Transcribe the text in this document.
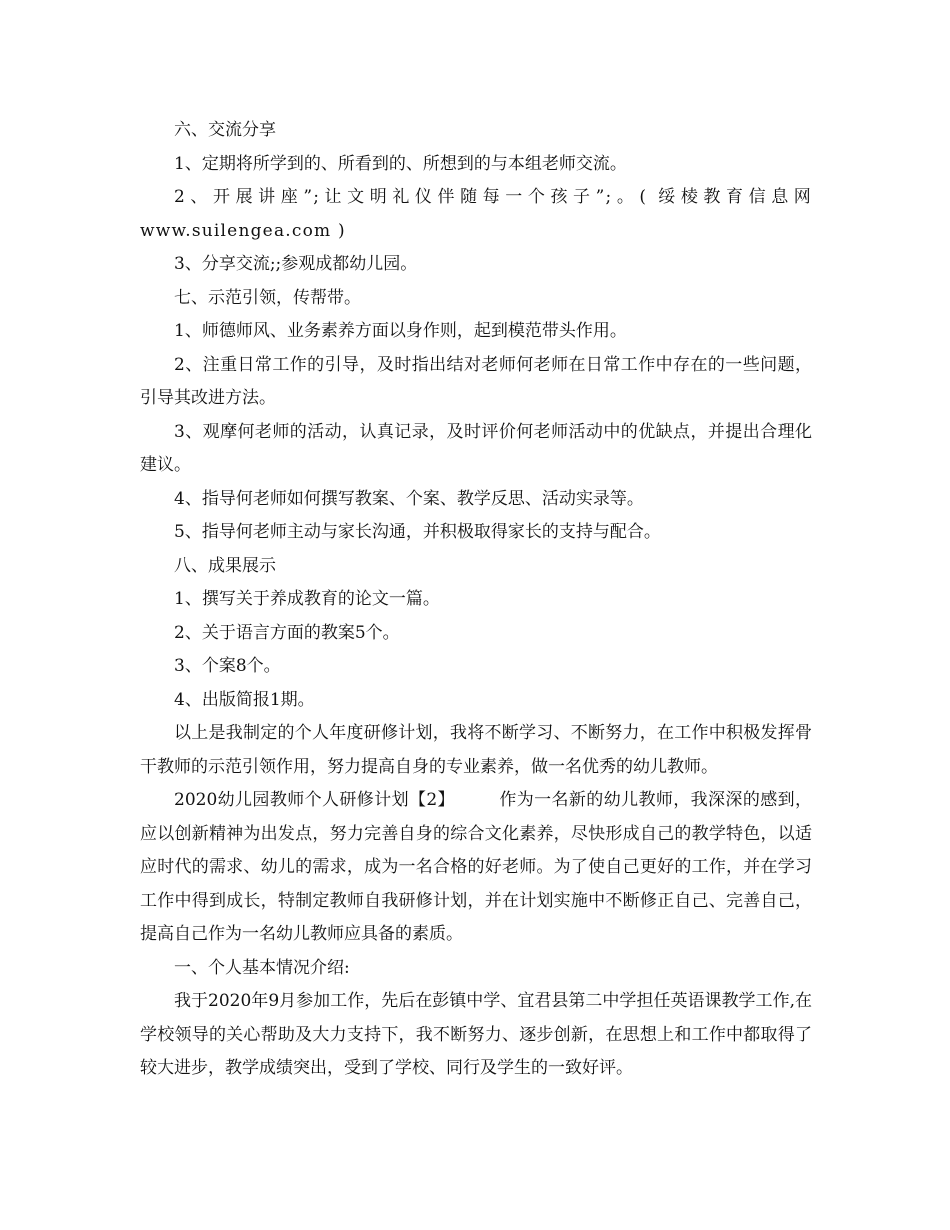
六、交流分享

1、定期将所学到的、所看到的、所想到的与本组老师交流。

2、开展讲座”;让文明礼仪伴随每一个孩子”;。( 绥棱教育信息网 www.suilengea.com )

3、分享交流;;参观成都幼儿园。

七、示范引领，传帮带。

1、师德师风、业务素养方面以身作则，起到模范带头作用。

2、注重日常工作的引导，及时指出结对老师何老师在日常工作中存在的一些问题，引导其改进方法。

3、观摩何老师的活动，认真记录，及时评价何老师活动中的优缺点，并提出合理化建议。

4、指导何老师如何撰写教案、个案、教学反思、活动实录等。

5、指导何老师主动与家长沟通，并积极取得家长的支持与配合。

八、成果展示

1、撰写关于养成教育的论文一篇。

2、关于语言方面的教案5个。

3、个案8个。

4、出版简报1期。

以上是我制定的个人年度研修计划，我将不断学习、不断努力，在工作中积极发挥骨干教师的示范引领作用，努力提高自身的专业素养，做一名优秀的幼儿教师。

2020幼儿园教师个人研修计划【2】	作为一名新的幼儿教师，我深深的感到，应以创新精神为出发点，努力完善自身的综合文化素养，尽快形成自己的教学特色，以适应时代的需求、幼儿的需求，成为一名合格的好老师。为了使自己更好的工作，并在学习工作中得到成长，特制定教师自我研修计划，并在计划实施中不断修正自己、完善自己，提高自己作为一名幼儿教师应具备的素质。

一、个人基本情况介绍:

我于2020年9月参加工作，先后在彭镇中学、宜君县第二中学担任英语课教学工作,在学校领导的关心帮助及大力支持下，我不断努力、逐步创新，在思想上和工作中都取得了较大进步，教学成绩突出，受到了学校、同行及学生的一致好评。
